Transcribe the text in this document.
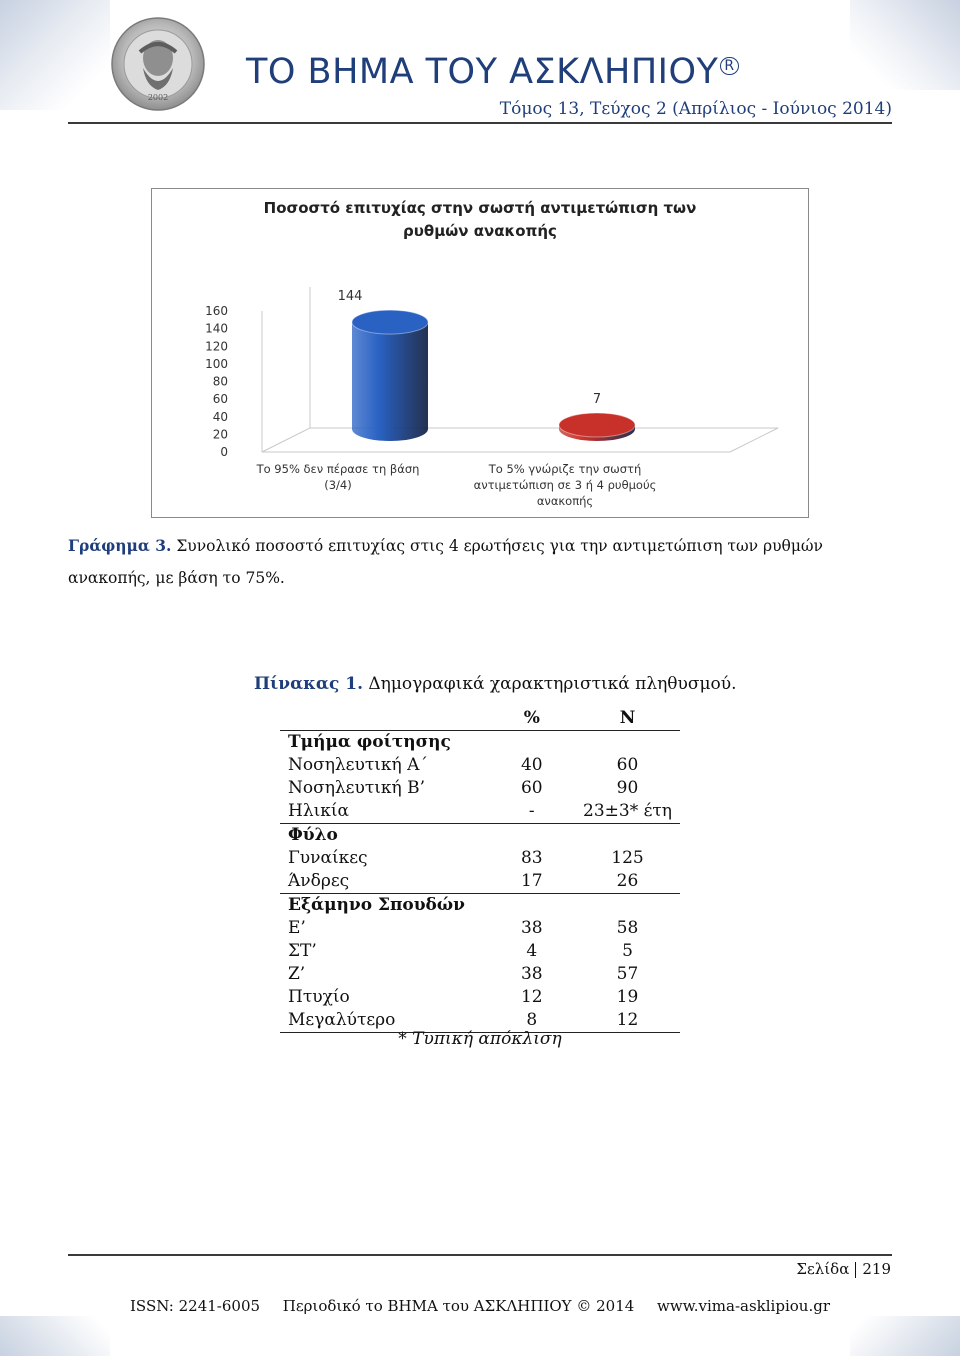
2002
ΤΟ ΒΗΜΑ ΤΟΥ ΑΣΚΛΗΠΙΟΥ $^R$
Τόμος 13, Τεύχος 2 (Απρίλιος - Ιούνιος 2014)
0
20
40
60
80
100
120
140
160
144
7
Το 95% δεν πέρασε τη βάση
(3/4)
Το 5% γνώριζε την σωστή
αντιμετώπιση σε 3 ή 4 ρυθμούς
ανακοπής
Ποσοστό επιτυχίας στην σωστή αντιμετώπιση των
ρυθμών ανακοπής
Γράφημα 3. Συνολικό ποσοστό επιτυχίας στις 4 ερωτήσεις για την αντιμετώπιση των ρυθμών ανακοπής, με βάση το 75%.
Πίνακας 1. Δημογραφικά χαρακτηριστικά πληθυσμού.
	%	Ν
Τμήμα φοίτησης		
Νοσηλευτική Α΄	40	60
Νοσηλευτική Β’	60	90
Ηλικία	-	23±3* έτη
Φύλο		
Γυναίκες	83	125
Άνδρες	17	26
Εξάμηνο Σπουδών		
Ε’	38	58
ΣΤ’	4	5
Ζ’	38	57
Πτυχίο	12	19
Μεγαλύτερο	8	12
* Τυπική απόκλιση
Σελίδα 219
ISSN: 2241-6005 Περιοδικό το ΒΗΜΑ του ΑΣΚΛΗΠΙΟΥ © 2014 www.vima-asklipiou.gr
